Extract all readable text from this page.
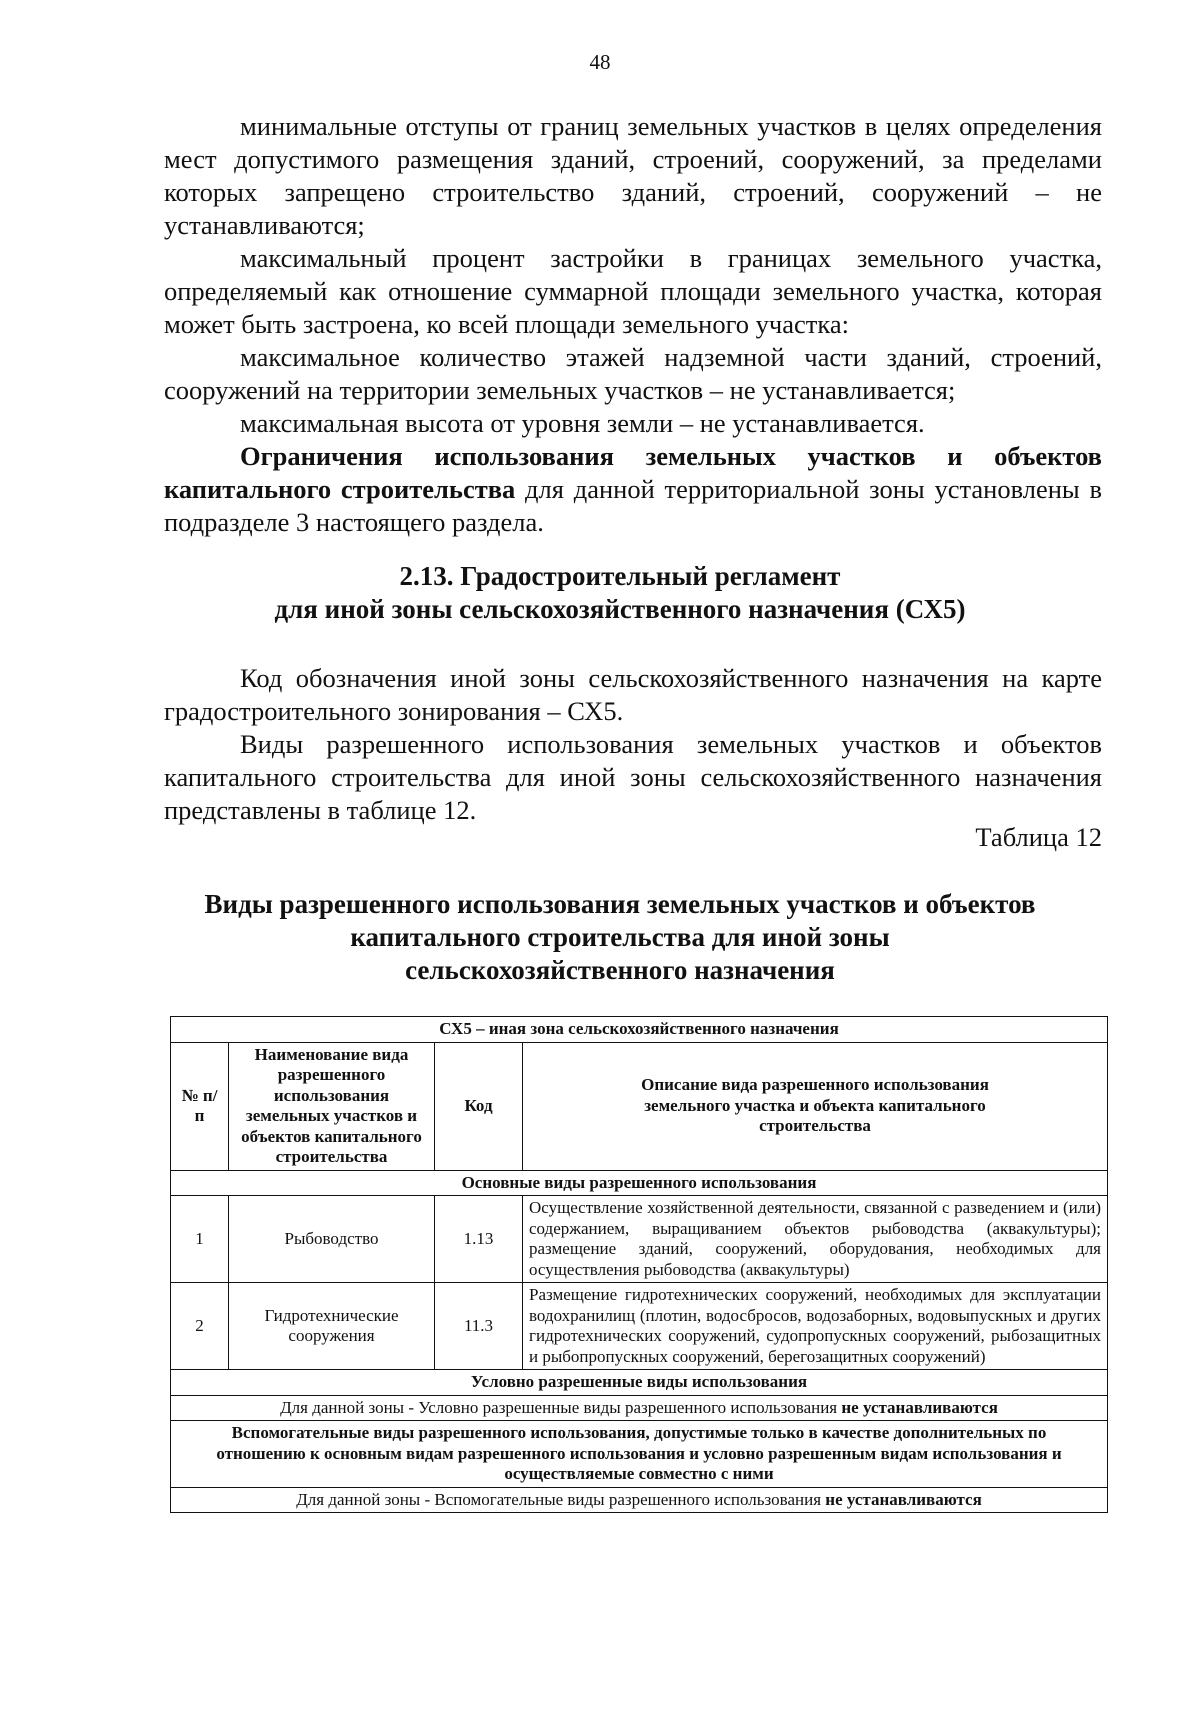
48

минимальные отступы от границ земельных участков в целях определения мест допустимого размещения зданий, строений, сооружений, за пределами которых запрещено строительство зданий, строений, сооружений – не устанавливаются;

максимальный процент застройки в границах земельного участка, определяемый как отношение суммарной площади земельного участка, которая может быть застроена, ко всей площади земельного участка:

максимальное количество этажей надземной части зданий, строений, сооружений на территории земельных участков – не устанавливается;

максимальная высота от уровня земли – не устанавливается.

Ограничения использования земельных участков и объектов капитального строительства для данной территориальной зоны установлены в подразделе 3 настоящего раздела.

2.13. Градостроительный регламент
для иной зоны сельскохозяйственного назначения (СХ5)

Код обозначения иной зоны сельскохозяйственного назначения на карте градостроительного зонирования – СХ5.

Виды разрешенного использования земельных участков и объектов капитального строительства для иной зоны сельскохозяйственного назначения представлены в таблице 12.

Таблица 12
Виды разрешенного использования земельных участков и объектов
капитального строительства для иной зоны
сельскохозяйственного назначения
СХ5 – иная зона сельскохозяйственного назначения			
№ п/п	Наименование вида разрешенного использования земельных участков и объектов капитального строительства	Код	Описание вида разрешенного использования земельного участка и объекта капитального строительства
Основные виды разрешенного использования			
1	Рыбоводство	1.13	Осуществление хозяйственной деятельности, связанной с разведением и (или) содержанием, выращиванием объектов рыбоводства (аквакультуры); размещение зданий, сооружений, оборудования, необходимых для осуществления рыбоводства (аквакультуры)
2	Гидротехнические сооружения	11.3	Размещение гидротехнических сооружений, необходимых для эксплуатации водохранилищ (плотин, водосбросов, водозаборных, водовыпускных и других гидротехнических сооружений, судопропускных сооружений, рыбозащитных и рыбопропускных сооружений, берегозащитных сооружений)
Условно разрешенные виды использования			
Для данной зоны - Условно разрешенные виды разрешенного использования не устанавливаются			
Вспомогательные виды разрешенного использования, допустимые только в качестве дополнительных по отношению к основным видам разрешенного использования и условно разрешенным видам использования и осуществляемые совместно с ними			
Для данной зоны - Вспомогательные виды разрешенного использования не устанавливаются			
